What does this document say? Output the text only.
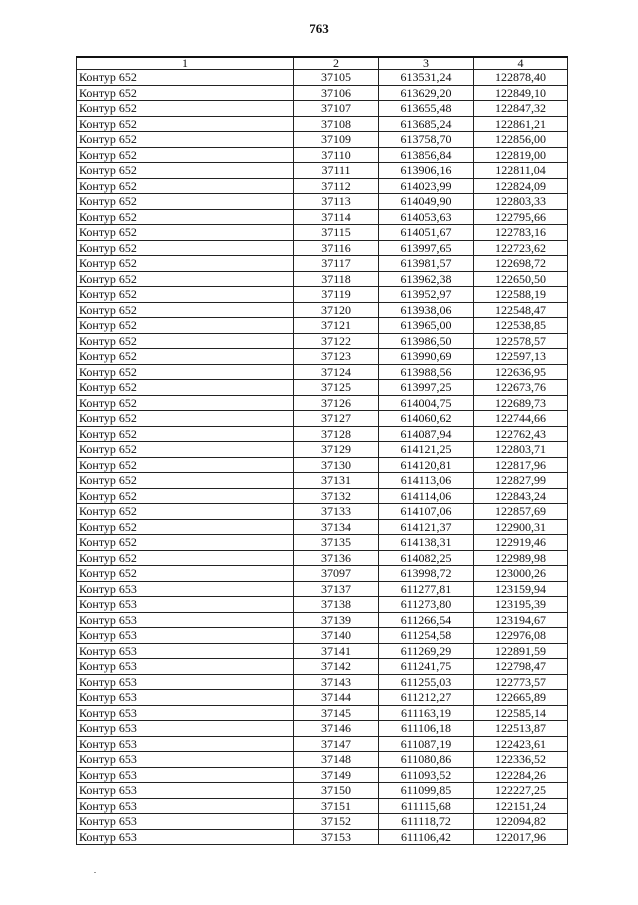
763
1	2	3	4
Контур 652	37105	613531,24	122878,40
Контур 652	37106	613629,20	122849,10
Контур 652	37107	613655,48	122847,32
Контур 652	37108	613685,24	122861,21
Контур 652	37109	613758,70	122856,00
Контур 652	37110	613856,84	122819,00
Контур 652	37111	613906,16	122811,04
Контур 652	37112	614023,99	122824,09
Контур 652	37113	614049,90	122803,33
Контур 652	37114	614053,63	122795,66
Контур 652	37115	614051,67	122783,16
Контур 652	37116	613997,65	122723,62
Контур 652	37117	613981,57	122698,72
Контур 652	37118	613962,38	122650,50
Контур 652	37119	613952,97	122588,19
Контур 652	37120	613938,06	122548,47
Контур 652	37121	613965,00	122538,85
Контур 652	37122	613986,50	122578,57
Контур 652	37123	613990,69	122597,13
Контур 652	37124	613988,56	122636,95
Контур 652	37125	613997,25	122673,76
Контур 652	37126	614004,75	122689,73
Контур 652	37127	614060,62	122744,66
Контур 652	37128	614087,94	122762,43
Контур 652	37129	614121,25	122803,71
Контур 652	37130	614120,81	122817,96
Контур 652	37131	614113,06	122827,99
Контур 652	37132	614114,06	122843,24
Контур 652	37133	614107,06	122857,69
Контур 652	37134	614121,37	122900,31
Контур 652	37135	614138,31	122919,46
Контур 652	37136	614082,25	122989,98
Контур 652	37097	613998,72	123000,26
Контур 653	37137	611277,81	123159,94
Контур 653	37138	611273,80	123195,39
Контур 653	37139	611266,54	123194,67
Контур 653	37140	611254,58	122976,08
Контур 653	37141	611269,29	122891,59
Контур 653	37142	611241,75	122798,47
Контур 653	37143	611255,03	122773,57
Контур 653	37144	611212,27	122665,89
Контур 653	37145	611163,19	122585,14
Контур 653	37146	611106,18	122513,87
Контур 653	37147	611087,19	122423,61
Контур 653	37148	611080,86	122336,52
Контур 653	37149	611093,52	122284,26
Контур 653	37150	611099,85	122227,25
Контур 653	37151	611115,68	122151,24
Контур 653	37152	611118,72	122094,82
Контур 653	37153	611106,42	122017,96
